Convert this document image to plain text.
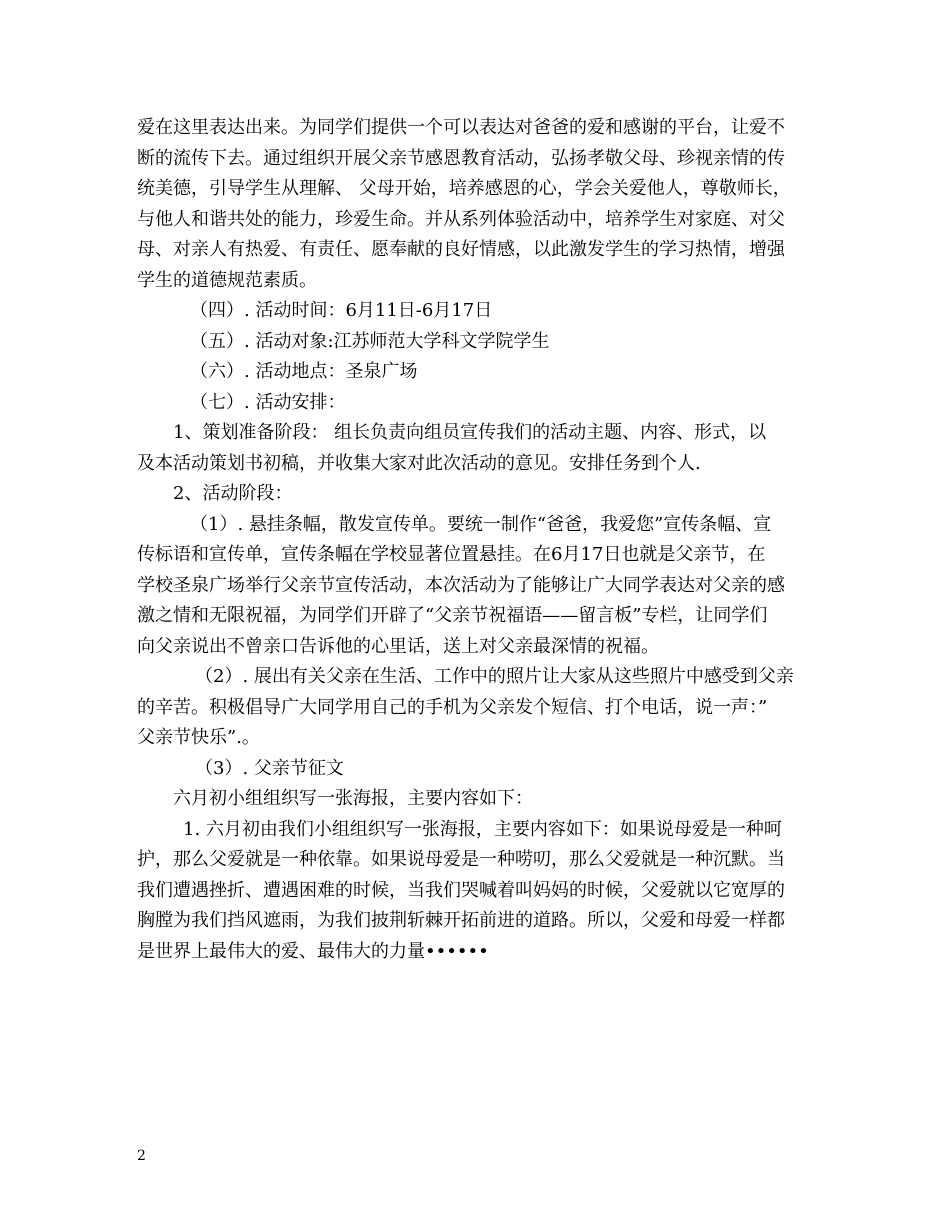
爱在这里表达出来。为同学们提供一个可以表达对爸爸的爱和感谢的平台，让爱不
断的流传下去。通过组织开展父亲节感恩教育活动，弘扬孝敬父母、珍视亲情的传
统美德，引导学生从理解、 父母开始，培养感恩的心，学会关爱他人，尊敬师长，
与他人和谐共处的能力，珍爱生命。并从系列体验活动中，培养学生对家庭、对父
母、对亲人有热爱、有责任、愿奉献的良好情感，以此激发学生的学习热情，增强
学生的道德规范素质。
（四）. 活动时间：6月11日-6月17日
（五）. 活动对象:江苏师范大学科文学院学生
（六）. 活动地点：圣泉广场
（七）. 活动安排：
1、策划准备阶段： 组长负责向组员宣传我们的活动主题、内容、形式，以
及本活动策划书初稿，并收集大家对此次活动的意见。安排任务到个人.
2、活动阶段：
（1）. 悬挂条幅，散发宣传单。要统一制作“爸爸，我爱您”宣传条幅、宣
传标语和宣传单，宣传条幅在学校显著位置悬挂。在6月17日也就是父亲节，在
学校圣泉广场举行父亲节宣传活动，本次活动为了能够让广大同学表达对父亲的感
激之情和无限祝福，为同学们开辟了“父亲节祝福语——留言板”专栏，让同学们
向父亲说出不曾亲口告诉他的心里话，送上对父亲最深情的祝福。
（2）. 展出有关父亲在生活、工作中的照片让大家从这些照片中感受到父亲
的辛苦。积极倡导广大同学用自己的手机为父亲发个短信、打个电话，说一声：”
父亲节快乐”.。
（3）. 父亲节征文
六月初小组组织写一张海报，主要内容如下：
1. 六月初由我们小组组织写一张海报，主要内容如下：如果说母爱是一种呵
护，那么父爱就是一种依靠。如果说母爱是一种唠叨，那么父爱就是一种沉默。当
我们遭遇挫折、遭遇困难的时候，当我们哭喊着叫妈妈的时候，父爱就以它宽厚的
胸膛为我们挡风遮雨，为我们披荆斩棘开拓前进的道路。所以，父爱和母爱一样都
是世界上最伟大的爱、最伟大的力量••••••
2
